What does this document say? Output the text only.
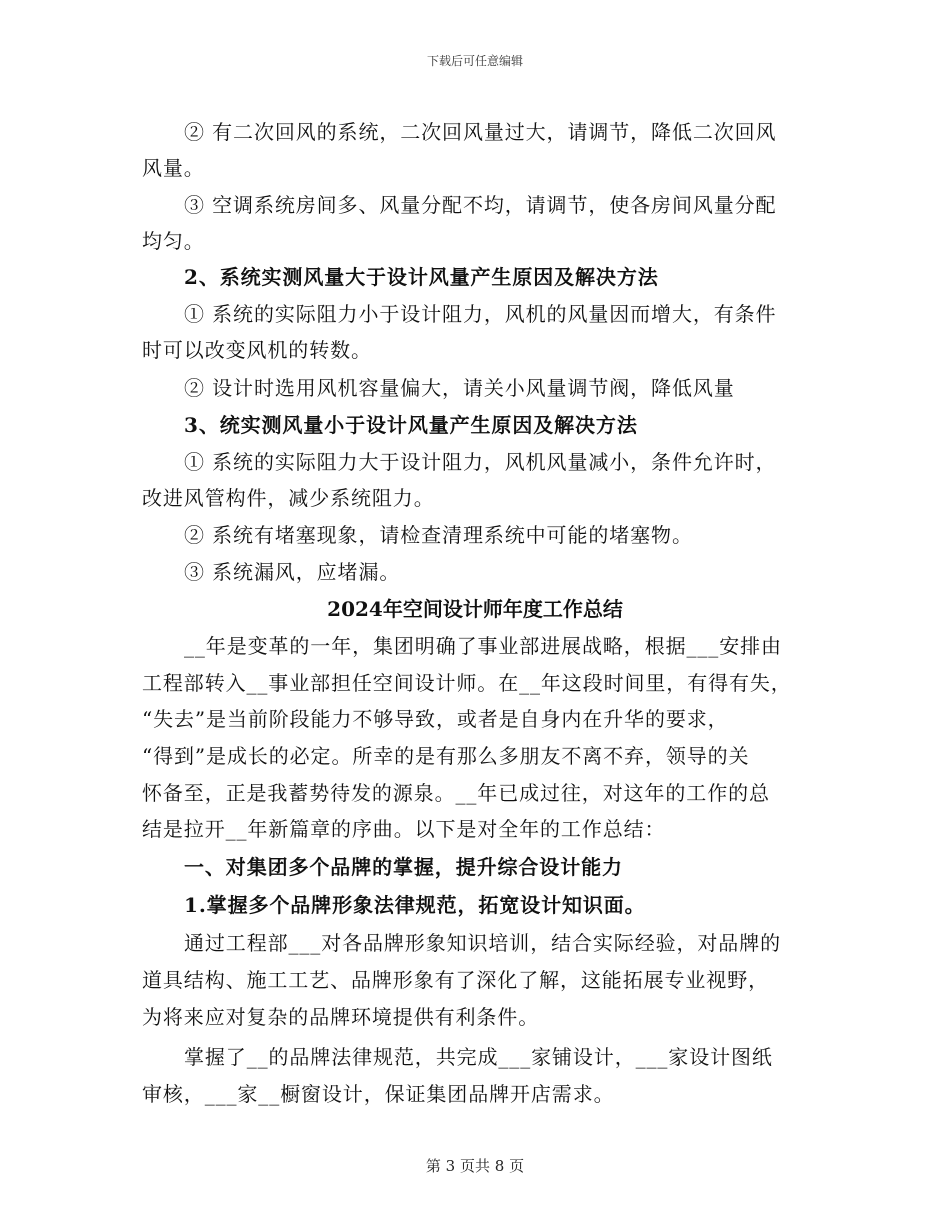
下载后可任意编辑
② 有二次回风的系统，二次回风量过大，请调节，降低二次回风
风量。
③ 空调系统房间多、风量分配不均，请调节，使各房间风量分配
均匀。
2、系统实测风量大于设计风量产生原因及解决方法
① 系统的实际阻力小于设计阻力，风机的风量因而增大，有条件
时可以改变风机的转数。
② 设计时选用风机容量偏大，请关小风量调节阀，降低风量
3、统实测风量小于设计风量产生原因及解决方法
① 系统的实际阻力大于设计阻力，风机风量减小，条件允许时，
改进风管构件，减少系统阻力。
② 系统有堵塞现象，请检查清理系统中可能的堵塞物。
③ 系统漏风，应堵漏。
__年是变革的一年，集团明确了事业部进展战略，根据___安排由
工程部转入__事业部担任空间设计师。在__年这段时间里，有得有失，
“失去”是当前阶段能力不够导致，或者是自身内在升华的要求，
“得到”是成长的必定。所幸的是有那么多朋友不离不弃，领导的关
怀备至，正是我蓄势待发的源泉。__年已成过往，对这年的工作的总
结是拉开__年新篇章的序曲。以下是对全年的工作总结：
一、对集团多个品牌的掌握，提升综合设计能力
1.掌握多个品牌形象法律规范，拓宽设计知识面。
通过工程部___对各品牌形象知识培训，结合实际经验，对品牌的
道具结构、施工工艺、品牌形象有了深化了解，这能拓展专业视野，
为将来应对复杂的品牌环境提供有利条件。
掌握了__的品牌法律规范，共完成___家铺设计，___家设计图纸
审核，___家__橱窗设计，保证集团品牌开店需求。
2024年空间设计师年度工作总结
第 3 页共 8 页
